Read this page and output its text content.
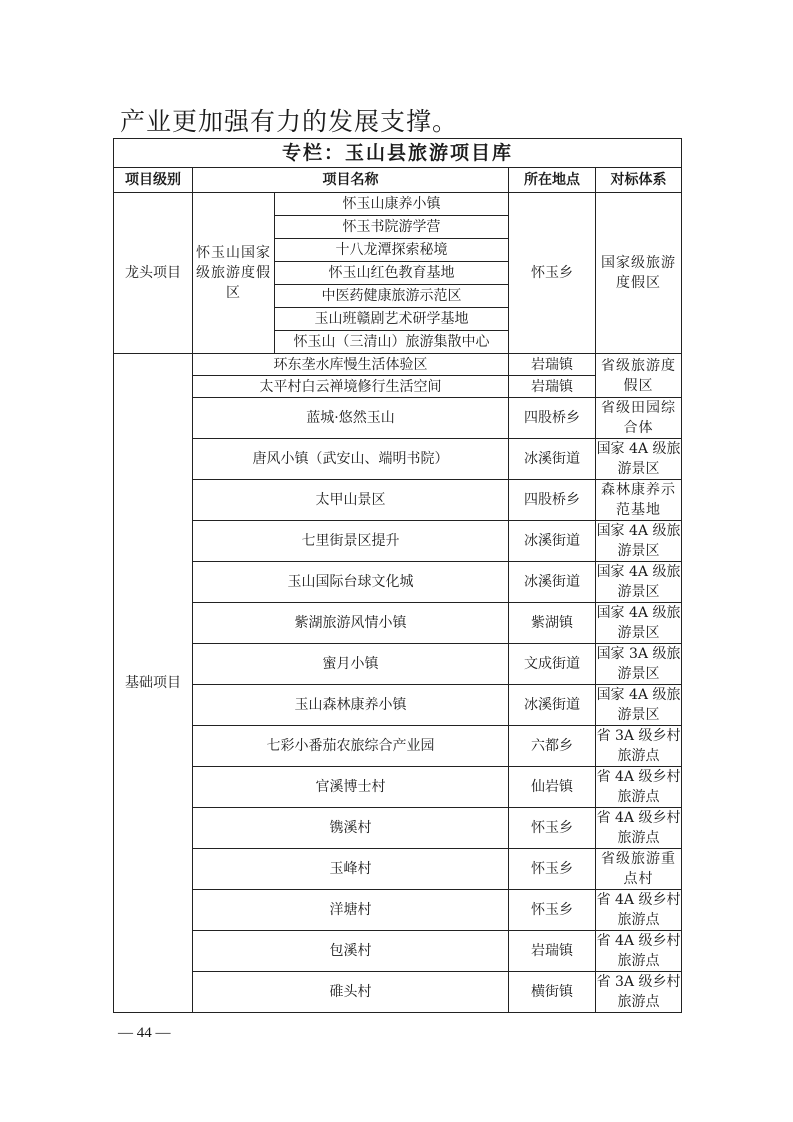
产业更加强有力的发展支撑。
专栏：玉山县旅游项目库				
项目级别	项目名称		所在地点	对标体系
龙头项目	怀玉山国家级旅游度假区	怀玉山康养小镇	怀玉乡	国家级旅游度假区
		怀玉书院游学营		
		十八龙潭探索秘境		
		怀玉山红色教育基地		
		中医药健康旅游示范区		
		玉山班赣剧艺术研学基地		
		怀玉山（三清山）旅游集散中心		
基础项目	环东垄水库慢生活体验区		岩瑞镇	省级旅游度假区
	太平村白云禅境修行生活空间		岩瑞镇	
	蓝城·悠然玉山		四股桥乡	省级田园综合体
	唐风小镇（武安山、端明书院）		冰溪街道	国家 4A 级旅游景区
	太甲山景区		四股桥乡	森林康养示范基地
	七里街景区提升		冰溪街道	国家 4A 级旅游景区
	玉山国际台球文化城		冰溪街道	国家 4A 级旅游景区
	紫湖旅游风情小镇		紫湖镇	国家 4A 级旅游景区
	蜜月小镇		文成街道	国家 3A 级旅游景区
	玉山森林康养小镇		冰溪街道	国家 4A 级旅游景区
	七彩小番茄农旅综合产业园		六都乡	省 3A 级乡村旅游点
	官溪博士村		仙岩镇	省 4A 级乡村旅游点
	镌溪村		怀玉乡	省 4A 级乡村旅游点
	玉峰村		怀玉乡	省级旅游重点村
	洋塘村		怀玉乡	省 4A 级乡村旅游点
	包溪村		岩瑞镇	省 4A 级乡村旅游点
	碓头村		横街镇	省 3A 级乡村旅游点
— 44 —
